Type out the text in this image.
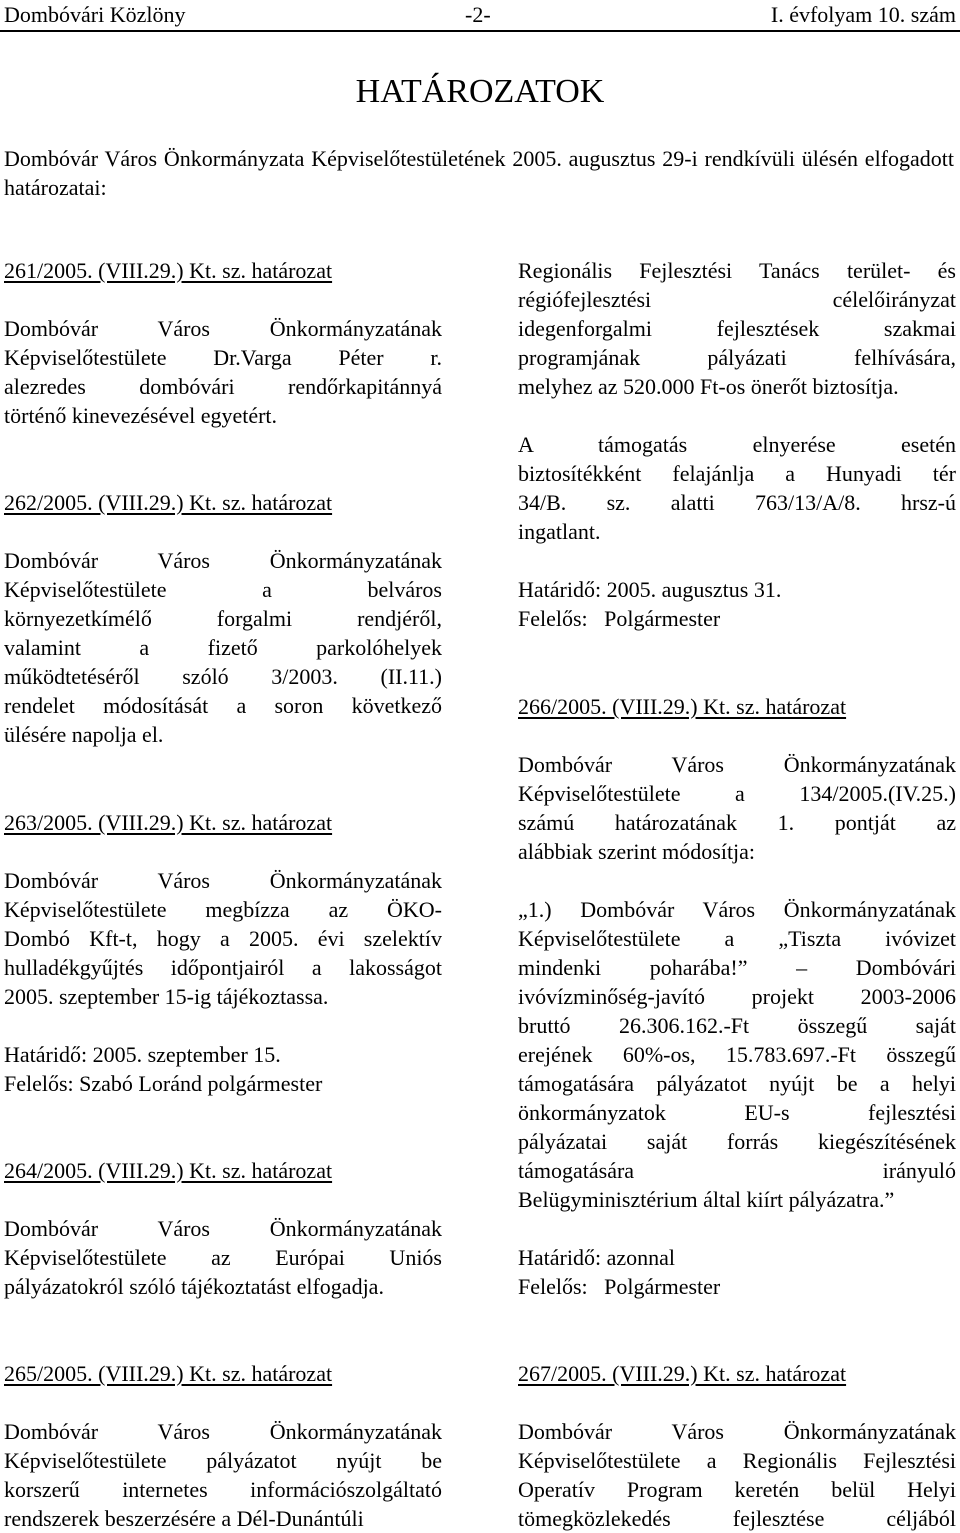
Dombóvári Közlöny	-2-	I. évfolyam 10. szám
HATÁROZATOK
Dombóvár Város Önkormányzata Képviselőtestületének 2005. augusztus 29-i rendkívüli ülésén elfogadott határozatai:
261/2005. (VIII.29.) Kt. sz. határozat
Dombóvár Város Önkormányzatának
Képviselőtestülete Dr.Varga Péter r.
alezredes dombóvári rendőrkapitánnyá
történő kinevezésével egyetért.
262/2005. (VIII.29.) Kt. sz. határozat
Dombóvár Város Önkormányzatának
Képviselőtestülete a belváros
környezetkímélő forgalmi rendjéről,
valamint a fizető parkolóhelyek
működtetéséről szóló 3/2003. (II.11.)
rendelet módosítását a soron következő
ülésére napolja el.
263/2005. (VIII.29.) Kt. sz. határozat
Dombóvár Város Önkormányzatának
Képviselőtestülete megbízza az ÖKO-
Dombó Kft-t, hogy a 2005. évi szelektív
hulladékgyűjtés időpontjairól a lakosságot
2005. szeptember 15-ig tájékoztassa.
Határidő: 2005. szeptember 15.
Felelős: Szabó Loránd polgármester
264/2005. (VIII.29.) Kt. sz. határozat
Dombóvár Város Önkormányzatának
Képviselőtestülete az Európai Uniós
pályázatokról szóló tájékoztatást elfogadja.
Regionális Fejlesztési Tanács terület- és
régiófejlesztési célelőirányzat
idegenforgalmi fejlesztések szakmai
programjának pályázati felhívására,
melyhez az 520.000 Ft-os önerőt biztosítja.
A támogatás elnyerése esetén
biztosítékként felajánlja a Hunyadi tér
34/B. sz. alatti 763/13/A/8. hrsz-ú
ingatlant.
Határidő: 2005. augusztus 31.
Felelős: Polgármester
266/2005. (VIII.29.) Kt. sz. határozat
Dombóvár Város Önkormányzatának
Képviselőtestülete a 134/2005.(IV.25.)
számú határozatának 1. pontját az
alábbiak szerint módosítja:
„1.) Dombóvár Város Önkormányzatának
Képviselőtestülete a „Tiszta ivóvizet
mindenki poharába!” – Dombóvári
ivóvízminőség-javító projekt 2003-2006
bruttó 26.306.162.-Ft összegű saját
erejének 60%-os, 15.783.697.-Ft összegű
támogatására pályázatot nyújt be a helyi
önkormányzatok EU-s fejlesztési
pályázatai saját forrás kiegészítésének
támogatására irányuló
Belügyminisztérium által kiírt pályázatra.”
Határidő: azonnal
Felelős: Polgármester
265/2005. (VIII.29.) Kt. sz. határozat
Dombóvár Város Önkormányzatának
Képviselőtestülete pályázatot nyújt be
korszerű internetes információszolgáltató
rendszerek beszerzésére a Dél-Dunántúli
267/2005. (VIII.29.) Kt. sz. határozat
Dombóvár Város Önkormányzatának
Képviselőtestülete a Regionális Fejlesztési
Operatív Program keretén belül Helyi
tömegközlekedés fejlesztése céljából
